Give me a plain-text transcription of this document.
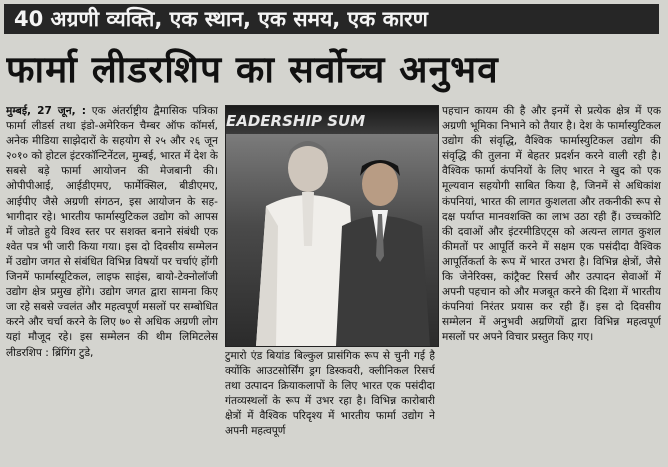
40 अग्रणी व्यक्ति, एक स्थान, एक समय, एक कारण
फार्मा लीडरशिप का सर्वोच्च अनुभव

मुम्बई, 27 जून, : एक अंतर्राष्ट्रीय द्वैमासिक पत्रिका फार्मा लीडर्स तथा इंडो-अमेरिकन चैम्बर ऑफ कॉमर्स, अनेक मीडिया साझेदारों के सहयोग से २५ और २६ जून २०१० को होटल इंटरकॉन्टिनेंटल, मुम्बई, भारत में देश के सबसे बड़े फार्मा आयोजन की मेजबानी की। ओपीपीआई, आईडीएमए, फार्मेक्सिल, बीडीएमए, आईपीए जैसे अग्रणी संगठन, इस आयोजन के सह-भागीदार रहे। भारतीय फार्मास्युटिकल उद्योग को आपस में जोडते हुये विश्व स्तर पर सशक्त बनाने संबंधी एक श्वेत पत्र भी जारी किया गया। इस दो दिवसीय सम्मेलन में उद्योग जगत से संबंधित विभिन्न विषयों पर चर्चाएं होंगी जिनमें फार्मास्यूटिकल, लाइफ साइंस, बायो-टेक्नोलॉजी उद्योग क्षेत्र प्रमुख होंगे। उद्योग जगत द्वारा सामना किए जा रहे सबसे ज्वलंत और महत्वपूर्ण मसलों पर सम्बोधित करने और चर्चा करने के लिए ७० से अधिक अग्रणी लोग यहां मौजूद रहे। इस सम्मेलन की थीम लिमिटलेस लीडरशिप : ब्रिंगिंग टुडे,

EADERSHIP SUM

टुमारो एंड बियांड बिल्कुल प्रासंगिक रूप से चुनी गई है क्योंकि आउटसोर्सिंग ड्रग डिस्कवरी, क्लीनिकल रिसर्च तथा उत्पादन क्रियाकलापों के लिए भारत एक पसंदीदा गंतव्यस्थलों के रूप में उभर रहा है। विभिन्न कारोबारी क्षेत्रों में वैश्विक परिदृश्य में भारतीय फार्मा उद्योग ने अपनी महत्वपूर्ण

पहचान कायम की है और इनमें से प्रत्येक क्षेत्र में एक अग्रणी भूमिका निभाने को तैयार है। देश के फार्मास्युटिकल उद्योग की संवृद्धि, वैश्विक फार्मास्युटिकल उद्योग की संवृद्धि की तुलना में बेहतर प्रदर्शन करने वाली रही है। वैश्विक फार्मा कंपनियों के लिए भारत ने खुद को एक मूल्यवान सहयोगी साबित किया है, जिनमें से अधिकांश कंपनियां, भारत की लागत कुशलता और तकनीकी रूप से दक्ष पर्याप्त मानवशक्ति का लाभ उठा रही हैं। उच्चकोटि की दवाओं और इंटरमीडिएट्स को अत्यन्त लागत कुशल कीमतों पर आपूर्ति करने में सक्षम एक पसंदीदा वैश्विक आपूर्तिकर्ता के रूप में भारत उभरा है। विभिन्न क्षेत्रों, जैसे कि जेनेरिक्स, कांट्रैक्ट रिसर्च और उत्पादन सेवाओं में अपनी पहचान को और मजबूत करने की दिशा में भारतीय कंपनियां निरंतर प्रयास कर रही हैं। इस दो दिवसीय सम्मेलन में अनुभवी अग्रणियों द्वारा विभिन्न महत्वपूर्ण मसलों पर अपने विचार प्रस्तुत किए गए।
